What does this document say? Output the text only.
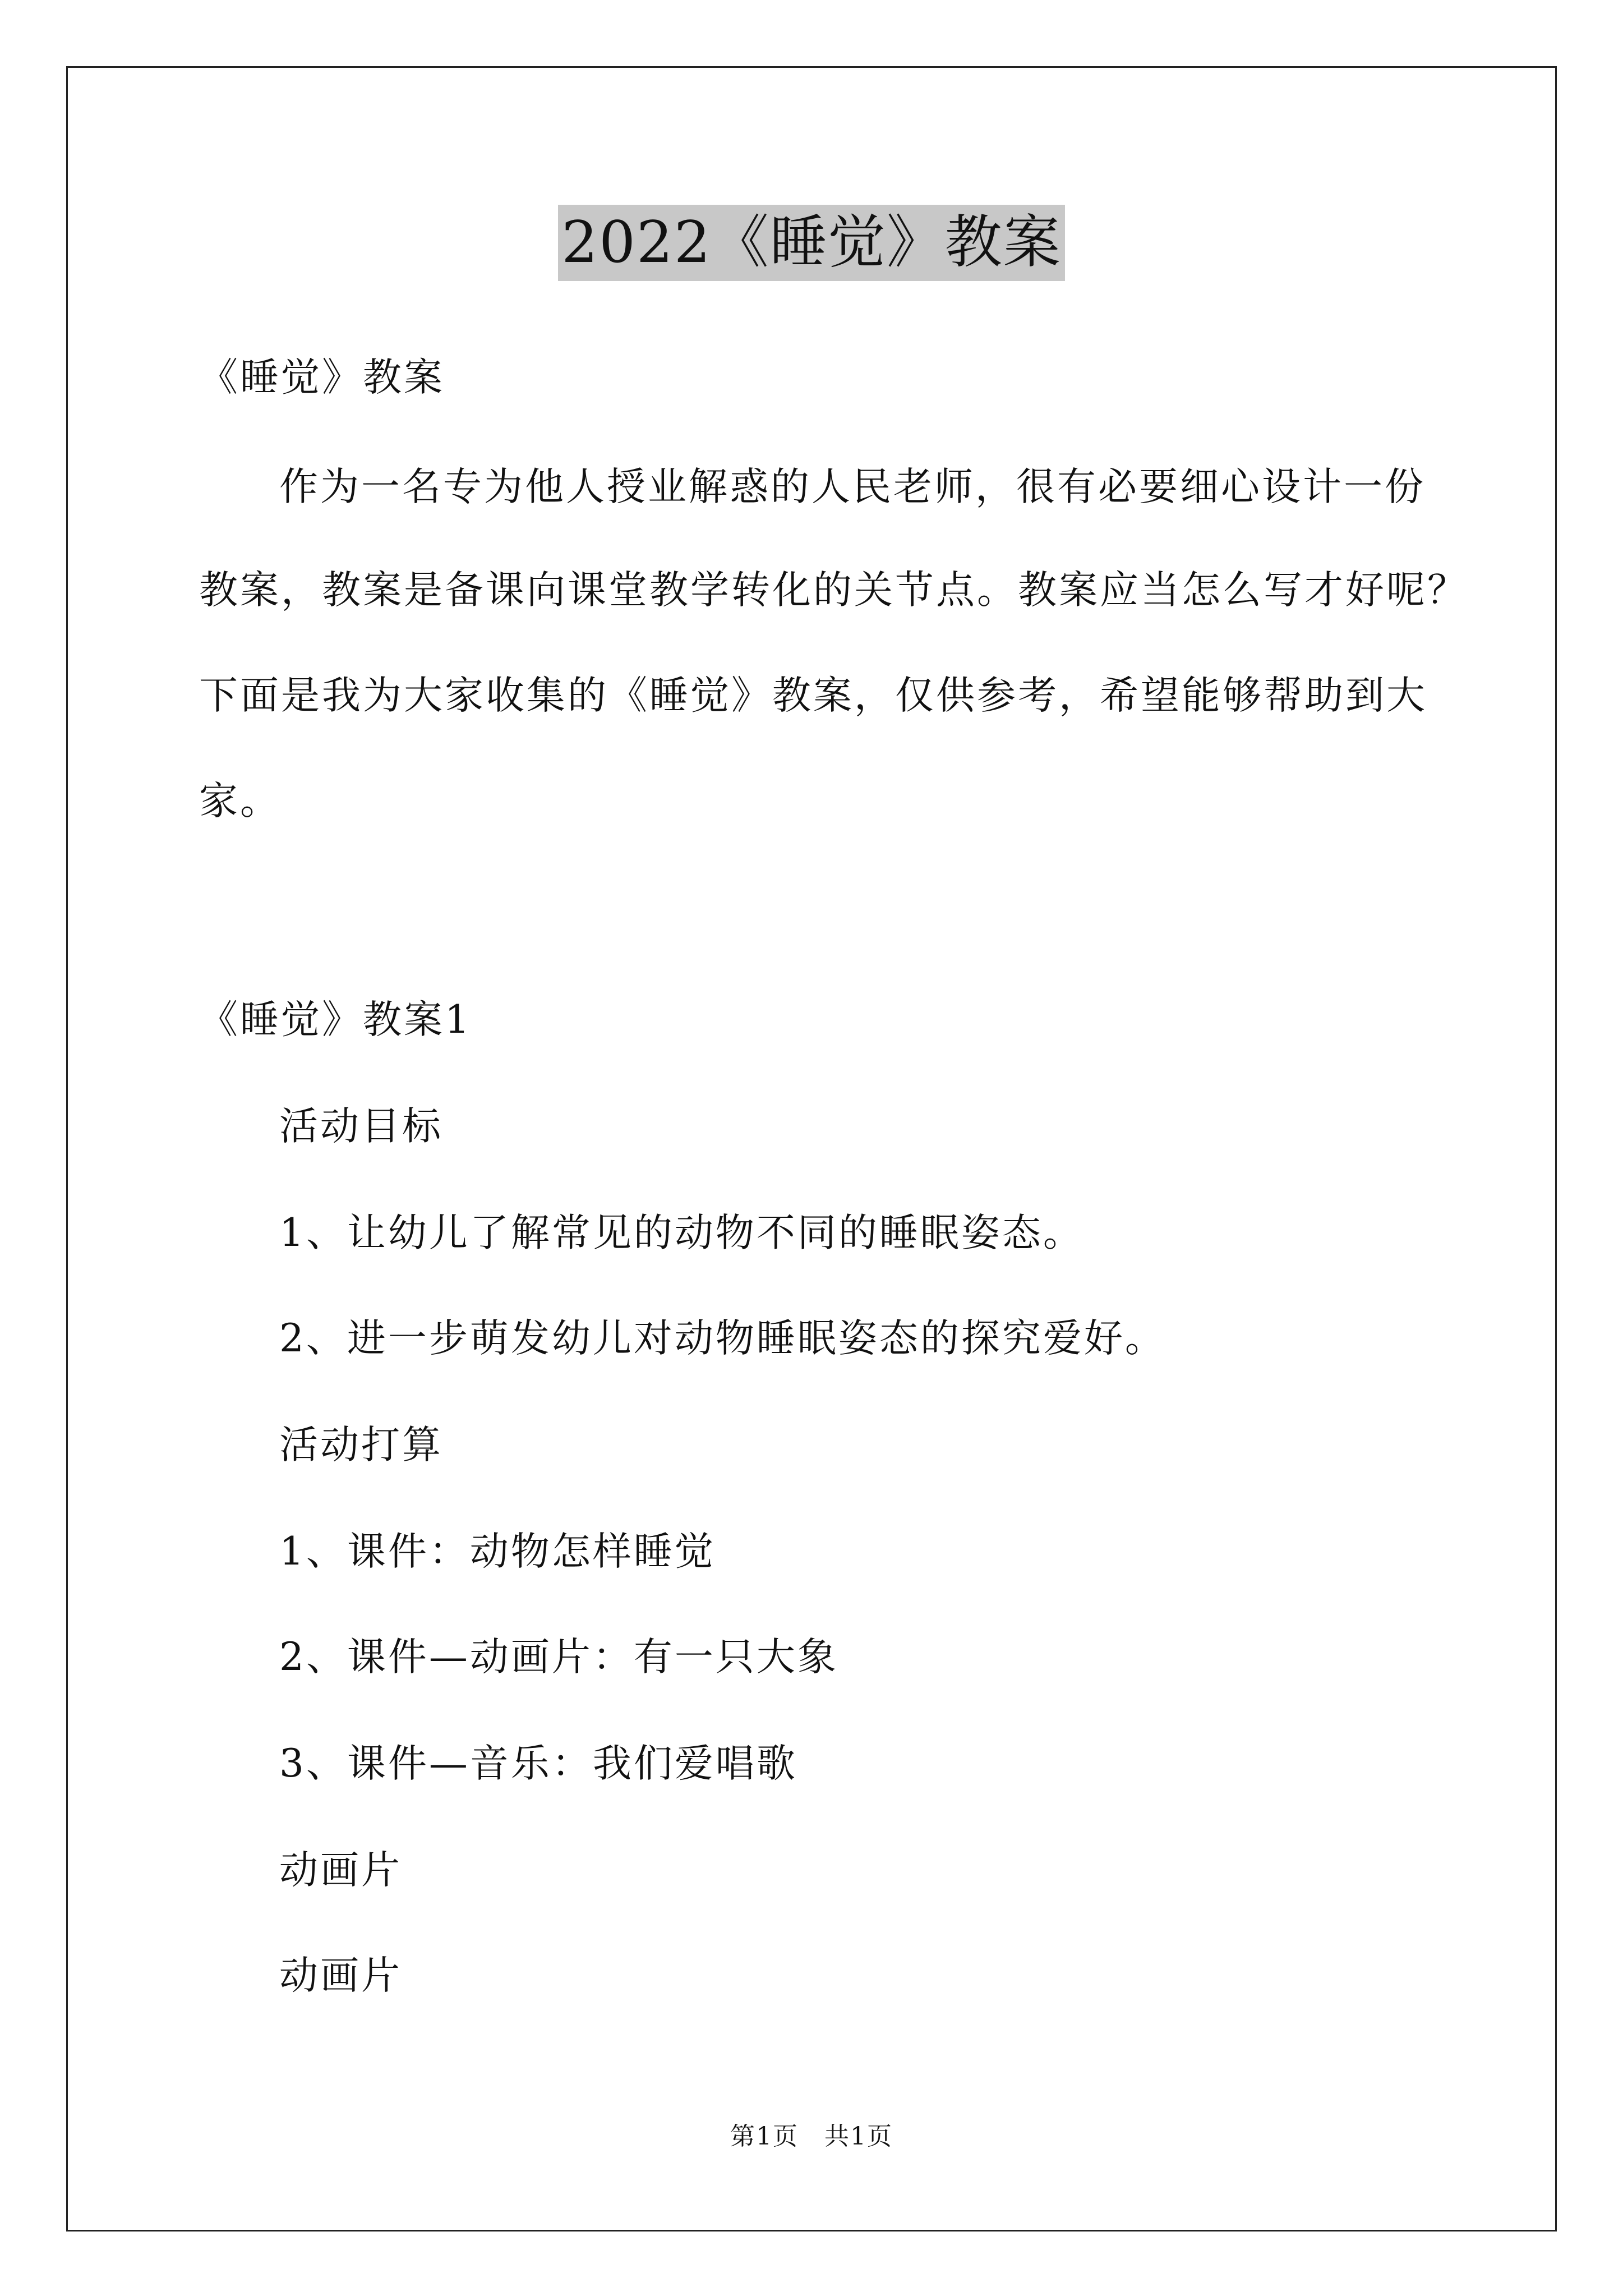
2022《睡觉》教案
《睡觉》教案
作为一名专为他人授业解惑的人民老师，很有必要细心设计一份
教案，教案是备课向课堂教学转化的关节点。教案应当怎么写才好呢？
下面是我为大家收集的《睡觉》教案，仅供参考，希望能够帮助到大
家。
《睡觉》教案1
活动目标
1、让幼儿了解常见的动物不同的睡眠姿态。
2、进一步萌发幼儿对动物睡眠姿态的探究爱好。
活动打算
1、课件：动物怎样睡觉
2、课件—动画片：有一只大象
3、课件—音乐：我们爱唱歌
动画片
动画片
第1页　共1页
